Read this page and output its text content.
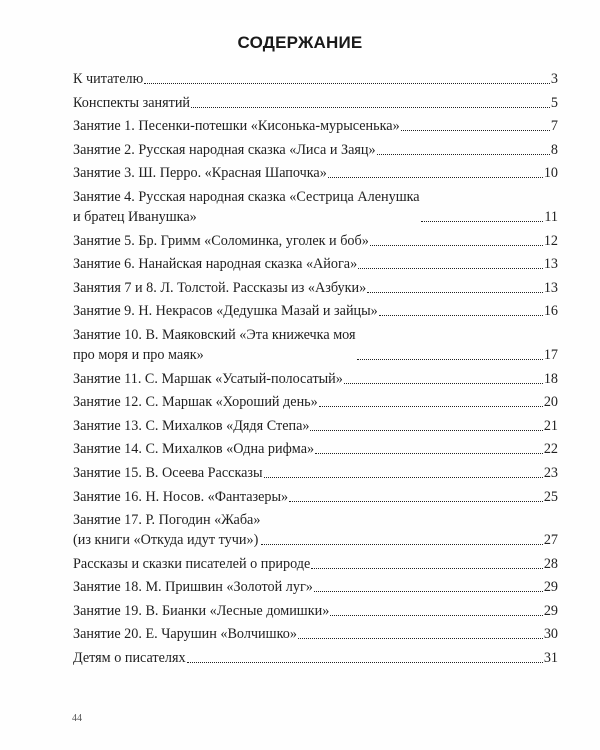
СОДЕРЖАНИЕ
К читателю	3
Конспекты занятий	5
Занятие 1. Песенки-потешки «Кисонька-мурысенька»	7
Занятие 2. Русская народная сказка «Лиса и Заяц»	8
Занятие 3. Ш. Перро. «Красная Шапочка»	10
Занятие 4. Русская народная сказка «Сестрица Аленушка
и братец Иванушка»	11
Занятие 5. Бр. Гримм «Соломинка, уголек и боб»	12
Занятие 6. Нанайская народная сказка «Айога»	13
Занятия 7 и 8. Л. Толстой. Рассказы из «Азбуки»	13
Занятие 9. Н. Некрасов «Дедушка Мазай и зайцы»	16
Занятие 10. В. Маяковский «Эта книжечка моя
про моря и про маяк»	17
Занятие 11. С. Маршак «Усатый-полосатый»	18
Занятие 12. С. Маршак «Хороший день»	20
Занятие 13. С. Михалков «Дядя Степа»	21
Занятие 14. С. Михалков «Одна рифма»	22
Занятие 15. В. Осеева Рассказы	23
Занятие 16. Н. Носов. «Фантазеры»	25
Занятие 17. Р. Погодин «Жаба»
(из книги «Откуда идут тучи»)	27
Рассказы и сказки писателей о природе	28
Занятие 18. М. Пришвин «Золотой луг»	29
Занятие 19. В. Бианки «Лесные домишки»	29
Занятие 20. Е. Чарушин «Волчишко»	30
Детям о писателях	31
44
